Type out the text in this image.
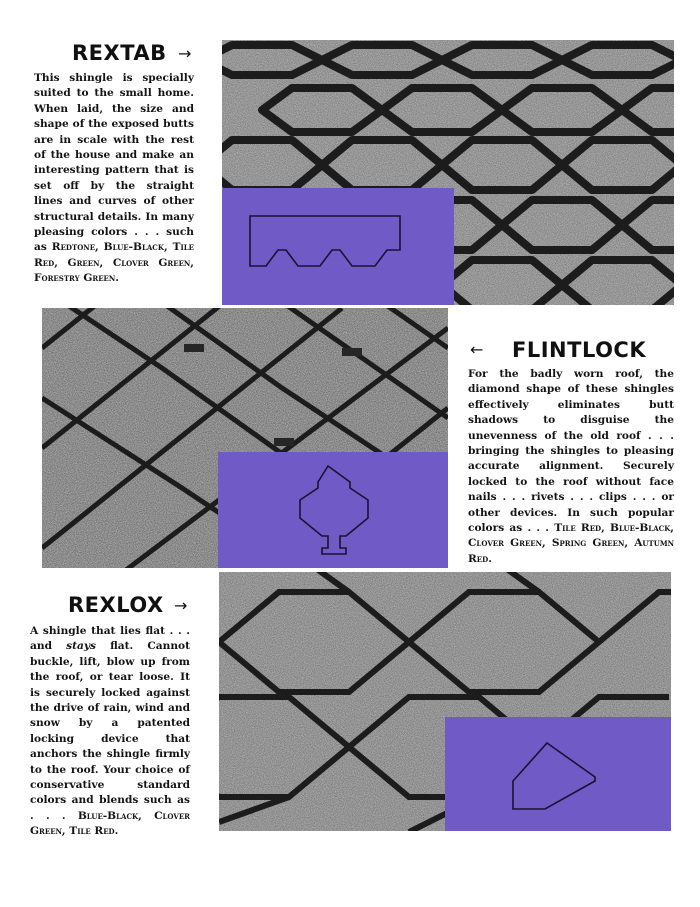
REXTAB →
This shingle is specially suited to the small home. When laid, the size and shape of the exposed butts are in scale with the rest of the house and make an interesting pattern that is set off by the straight lines and curves of other structural details. In many pleasing colors . . . such as Redtone, Blue-Black, Tile Red, Green, Clover Green, Forestry Green.
← FLINTLOCK
For the badly worn roof, the diamond shape of these shingles effectively eliminates butt shadows to disguise the unevenness of the old roof . . . bringing the shingles to pleasing accurate alignment. Securely locked to the roof without face nails . . . rivets . . . clips . . . or other devices. In such popular colors as . . . Tile Red, Blue-Black, Clover Green, Spring Green, Autumn Red.
REXLOX →
A shingle that lies flat . . . and stays flat. Cannot buckle, lift, blow up from the roof, or tear loose. It is securely locked against the drive of rain, wind and snow by a patented locking device that anchors the shingle firmly to the roof. Your choice of conservative standard colors and blends such as . . . Blue-Black, Clover Green, Tile Red.
